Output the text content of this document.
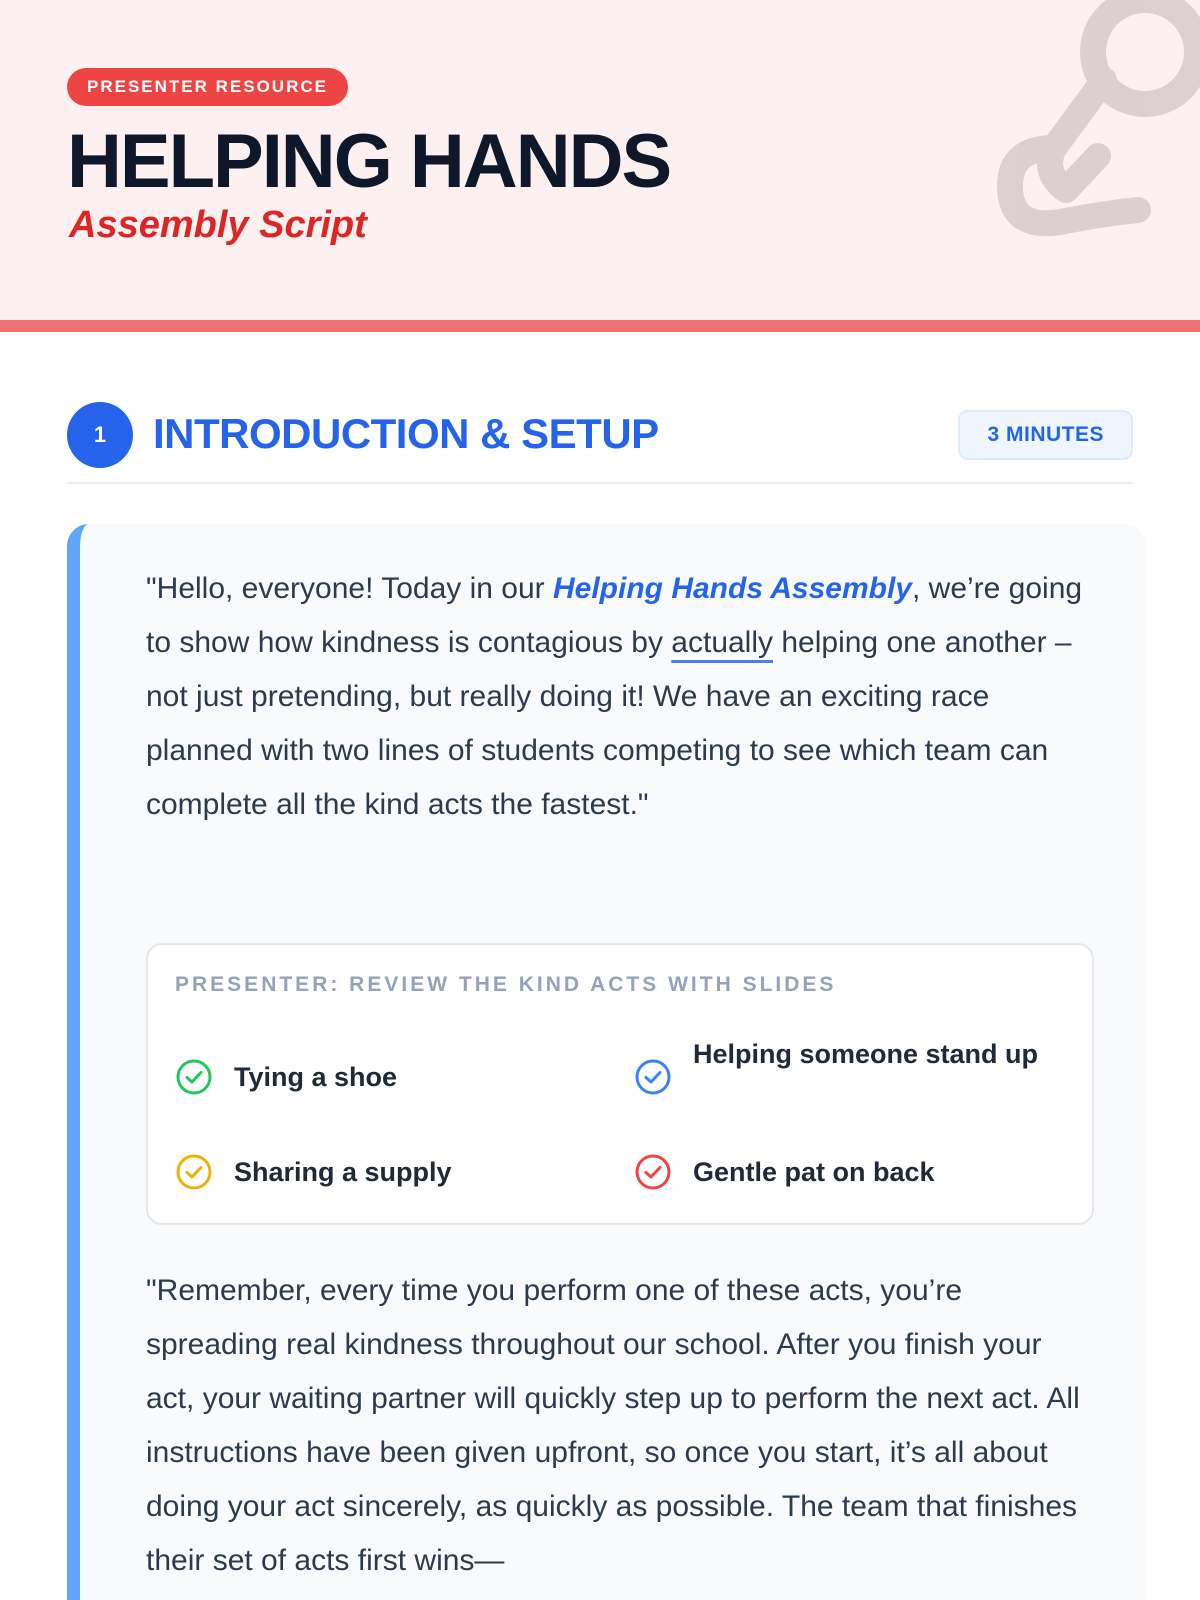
PRESENTER RESOURCE
HELPING HANDS
Assembly Script
1	INTRODUCTION & SETUP	3 MINUTES

"Hello, everyone! Today in our Helping Hands Assembly, we’re going to show how kindness is contagious by actually helping one another – not just pretending, but really doing it! We have an exciting race planned with two lines of students competing to see which team can complete all the kind acts the fastest."

PRESENTER: REVIEW THE KIND ACTS WITH SLIDES
Tying a shoe
Helping someone stand up
Sharing a supply	Gentle pat on back

"Remember, every time you perform one of these acts, you’re spreading real kindness throughout our school. After you finish your act, your waiting partner will quickly step up to perform the next act. All instructions have been given upfront, so once you start, it’s all about doing your act sincerely, as quickly as possible. The team that finishes their set of acts first wins—
